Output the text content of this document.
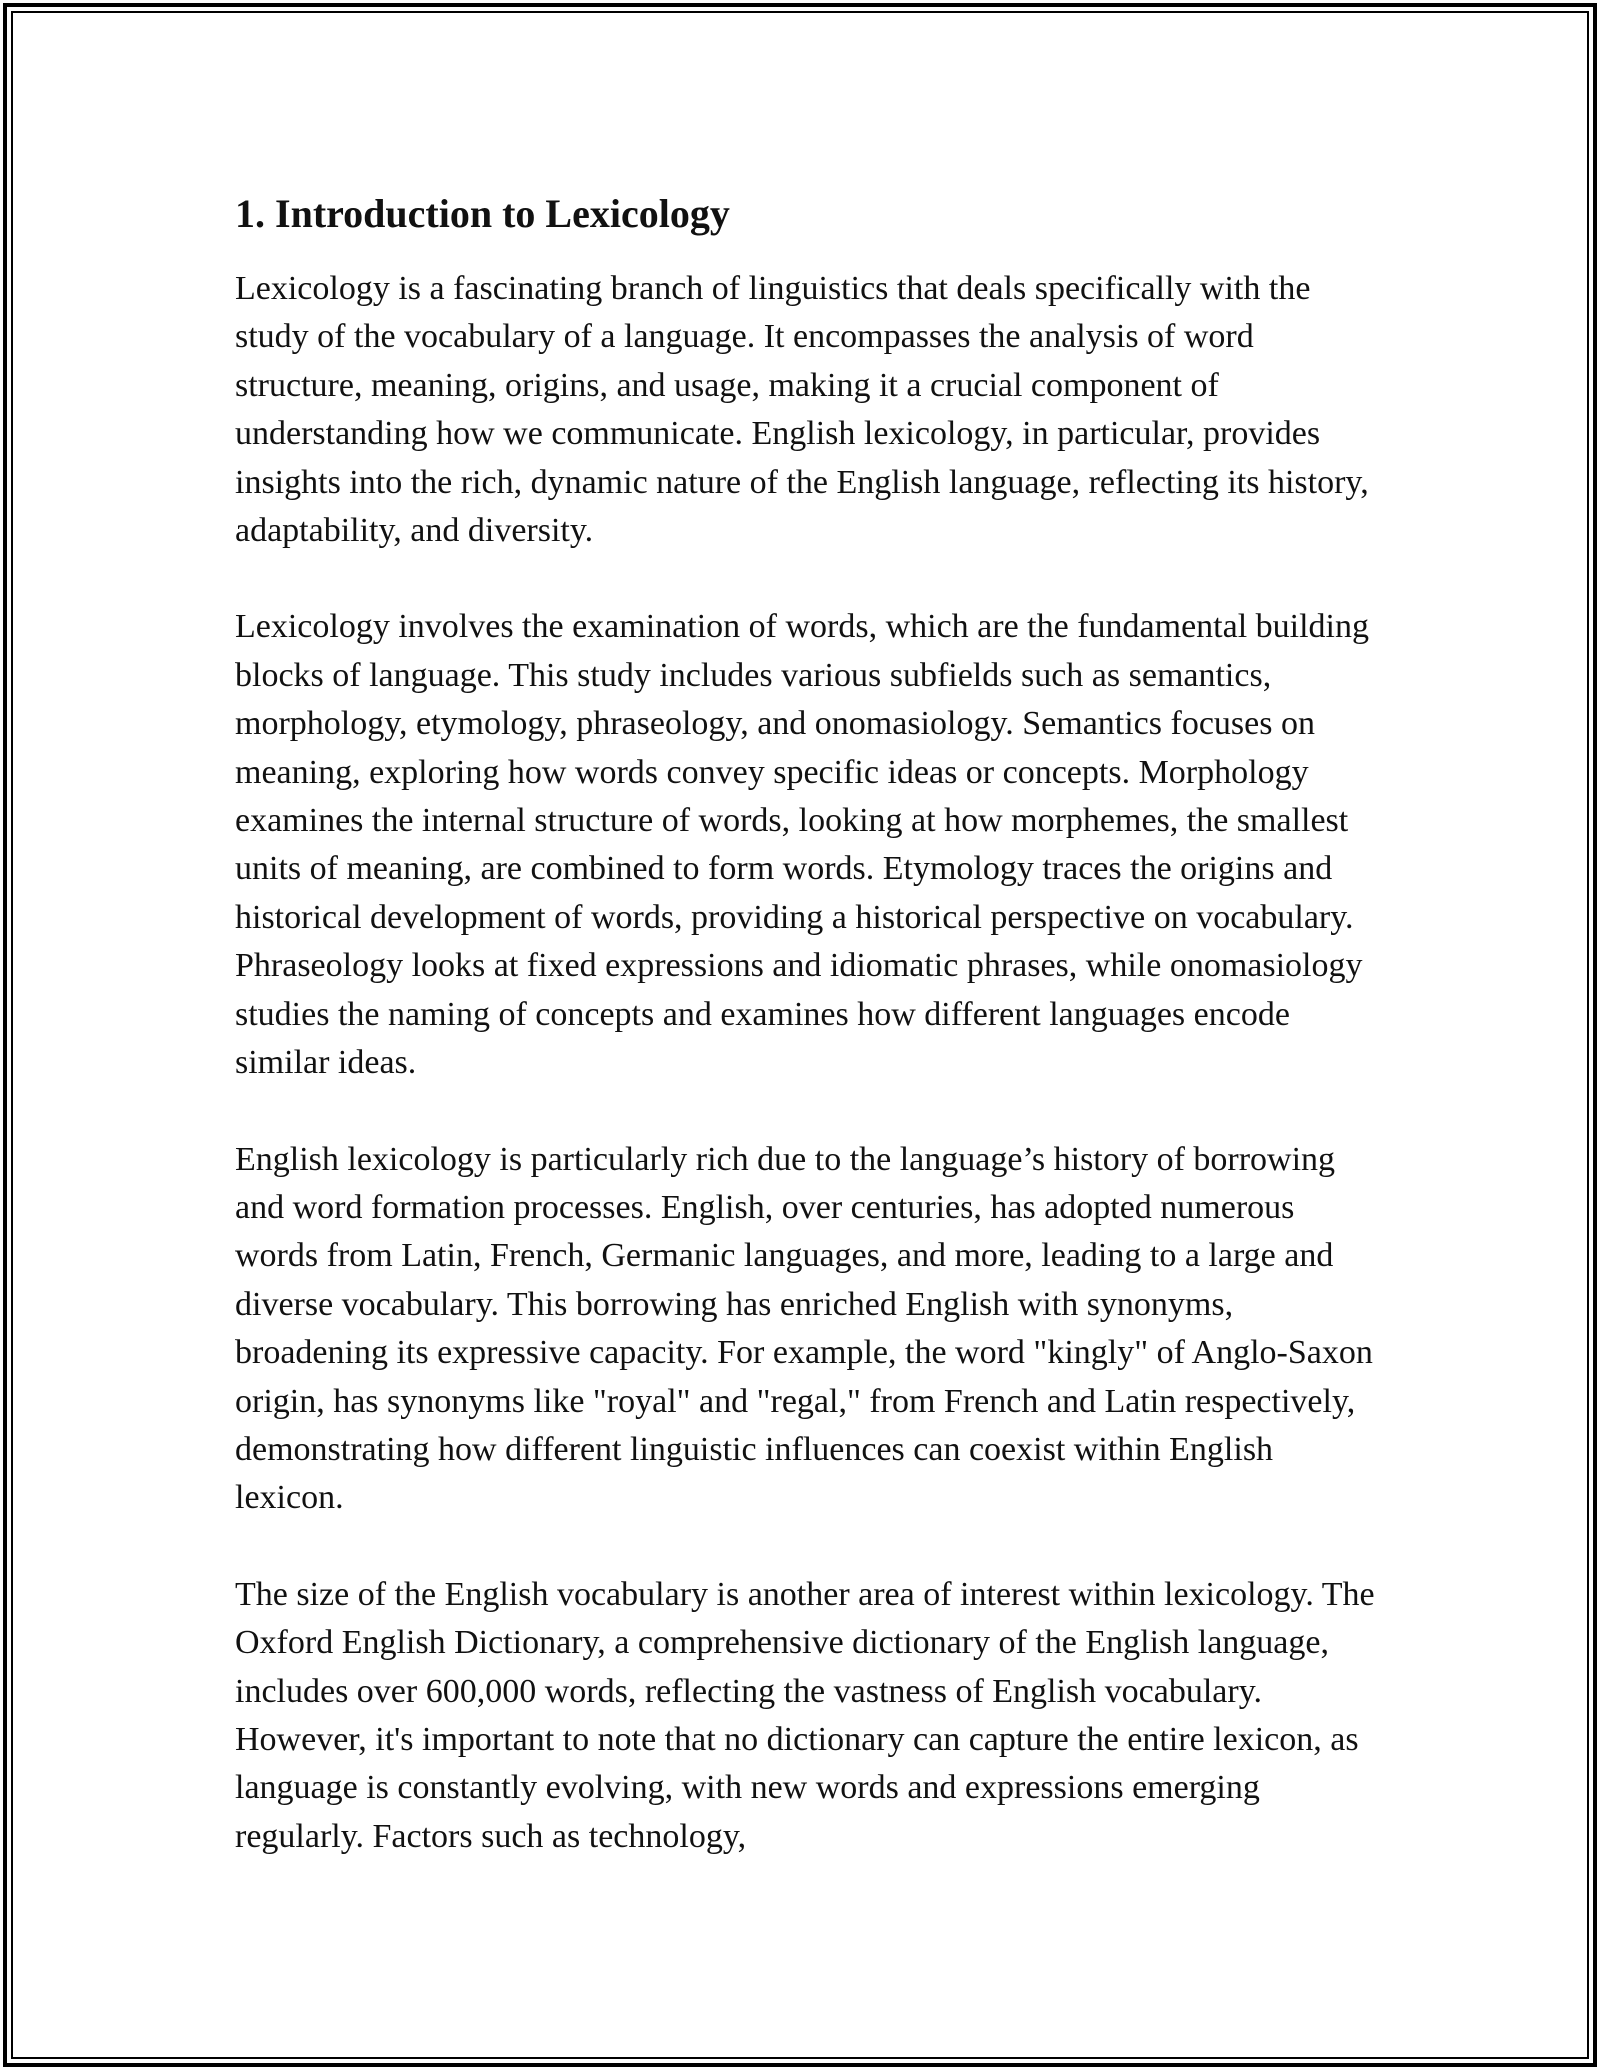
1. Introduction to Lexicology

Lexicology is a fascinating branch of linguistics that deals specifically with the study of the vocabulary of a language. It encompasses the analysis of word structure, meaning, origins, and usage, making it a crucial component of understanding how we communicate. English lexicology, in particular, provides insights into the rich, dynamic nature of the English language, reflecting its history, adaptability, and diversity.

Lexicology involves the examination of words, which are the fundamental building blocks of language. This study includes various subfields such as semantics, morphology, etymology, phraseology, and onomasiology. Semantics focuses on meaning, exploring how words convey specific ideas or concepts. Morphology examines the internal structure of words, looking at how morphemes, the smallest units of meaning, are combined to form words. Etymology traces the origins and historical development of words, providing a historical perspective on vocabulary. Phraseology looks at fixed expressions and idiomatic phrases, while onomasiology studies the naming of concepts and examines how different languages encode similar ideas.

English lexicology is particularly rich due to the language’s history of borrowing and word formation processes. English, over centuries, has adopted numerous words from Latin, French, Germanic languages, and more, leading to a large and diverse vocabulary. This borrowing has enriched English with synonyms, broadening its expressive capacity. For example, the word "kingly" of Anglo-Saxon origin, has synonyms like "royal" and "regal," from French and Latin respectively, demonstrating how different linguistic influences can coexist within English lexicon.

The size of the English vocabulary is another area of interest within lexicology. The Oxford English Dictionary, a comprehensive dictionary of the English language, includes over 600,000 words, reflecting the vastness of English vocabulary. However, it's important to note that no dictionary can capture the entire lexicon, as language is constantly evolving, with new words and expressions emerging regularly. Factors such as technology,
